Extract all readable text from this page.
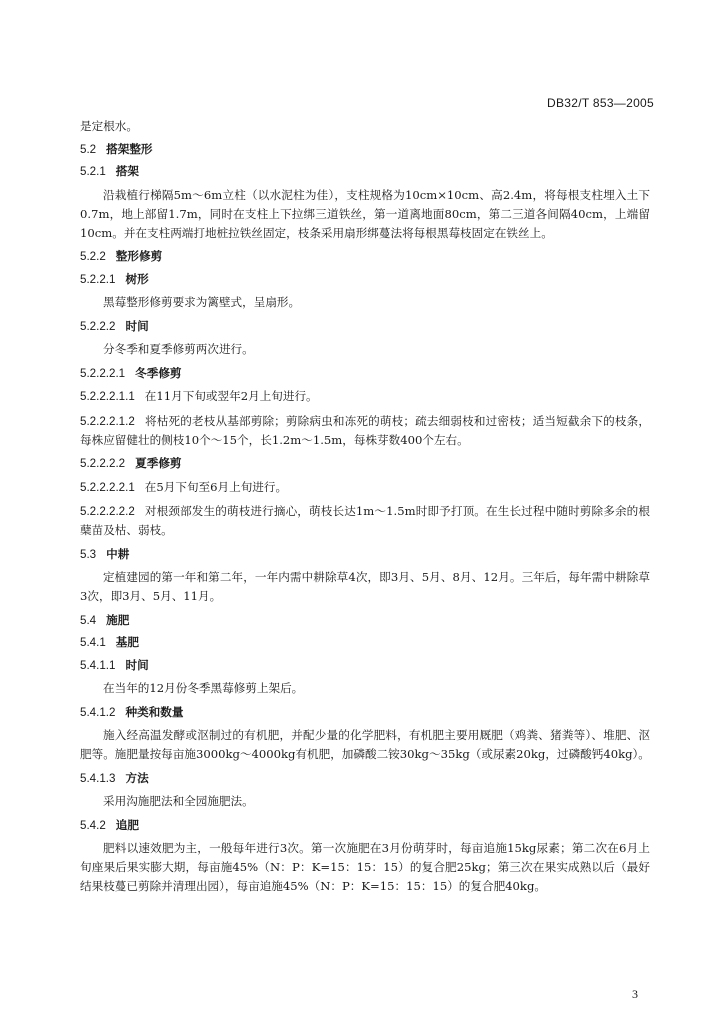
DB32/T 853—2005
是定根水。
5.2 搭架整形
5.2.1 搭架
沿栽植行梯隔5m～6m立柱（以水泥柱为佳），支柱规格为10cm×10cm、高2.4m，将每根支柱埋入土下0.7m，地上部留1.7m，同时在支柱上下拉绑三道铁丝，第一道离地面80cm，第二三道各间隔40cm，上端留10cm。并在支柱两端打地桩拉铁丝固定，枝条采用扇形绑蔓法将每根黑莓枝固定在铁丝上。
5.2.2 整形修剪
5.2.2.1 树形
黑莓整形修剪要求为篱壁式，呈扇形。
5.2.2.2 时间
分冬季和夏季修剪两次进行。
5.2.2.2.1 冬季修剪
5.2.2.2.1.1 在11月下旬或翌年2月上旬进行。
5.2.2.2.1.2 将枯死的老枝从基部剪除；剪除病虫和冻死的萌枝；疏去细弱枝和过密枝；适当短截余下的枝条，每株应留健壮的侧枝10个～15个，长1.2m～1.5m，每株芽数400个左右。
5.2.2.2.2 夏季修剪
5.2.2.2.2.1 在5月下旬至6月上旬进行。
5.2.2.2.2.2 对根颈部发生的萌枝进行摘心，萌枝长达1m～1.5m时即予打顶。在生长过程中随时剪除多余的根蘖苗及枯、弱枝。
5.3 中耕
定植建园的第一年和第二年，一年内需中耕除草4次，即3月、5月、8月、12月。三年后，每年需中耕除草3次，即3月、5月、11月。
5.4 施肥
5.4.1 基肥
5.4.1.1 时间
在当年的12月份冬季黑莓修剪上架后。
5.4.1.2 种类和数量
施入经高温发酵或沤制过的有机肥，并配少量的化学肥料，有机肥主要用厩肥（鸡粪、猪粪等）、堆肥、沤肥等。施肥量按每亩施3000kg～4000kg有机肥，加磷酸二铵30kg～35kg（或尿素20kg，过磷酸钙40kg）。
5.4.1.3 方法
采用沟施肥法和全园施肥法。
5.4.2 追肥
肥料以速效肥为主，一般每年进行3次。第一次施肥在3月份萌芽时，每亩追施15kg尿素；第二次在6月上旬座果后果实膨大期，每亩施45%（N：P：K=15：15：15）的复合肥25kg；第三次在果实成熟以后（最好结果枝蔓已剪除并清理出园），每亩追施45%（N：P：K=15：15：15）的复合肥40kg。
3
